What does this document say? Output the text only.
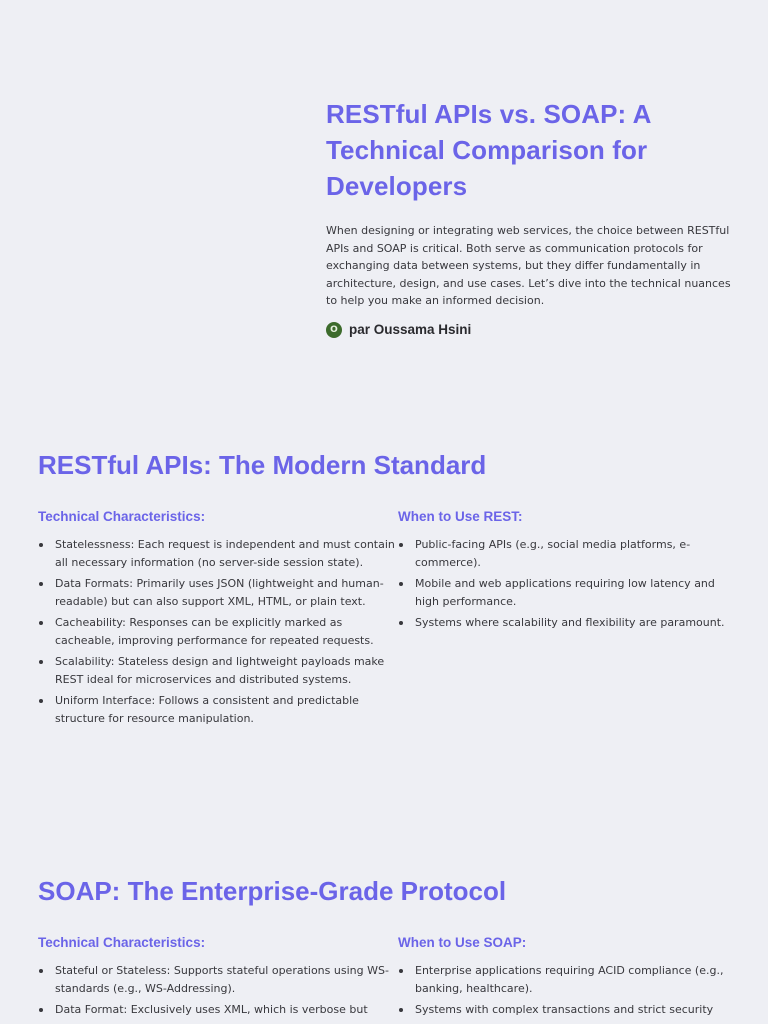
RESTful APIs vs. SOAP: A Technical Comparison for Developers

When designing or integrating web services, the choice between RESTful APIs and SOAP is critical. Both serve as communication protocols for exchanging data between systems, but they differ fundamentally in architecture, design, and use cases. Let’s dive into the technical nuances to help you make an informed decision.

O par Oussama Hsini
RESTful APIs: The Modern Standard
Technical Characteristics:
Statelessness: Each request is independent and must contain all necessary information (no server-side session state).
Data Formats: Primarily uses JSON (lightweight and human-readable) but can also support XML, HTML, or plain text.
Cacheability: Responses can be explicitly marked as cacheable, improving performance for repeated requests.
Scalability: Stateless design and lightweight payloads make REST ideal for microservices and distributed systems.
Uniform Interface: Follows a consistent and predictable structure for resource manipulation.
When to Use REST:
Public-facing APIs (e.g., social media platforms, e-commerce).
Mobile and web applications requiring low latency and high performance.
Systems where scalability and flexibility are paramount.
SOAP: The Enterprise-Grade Protocol
Technical Characteristics:
Stateful or Stateless: Supports stateful operations using WS- standards (e.g., WS-Addressing).
Data Format: Exclusively uses XML, which is verbose but
When to Use SOAP:
Enterprise applications requiring ACID compliance (e.g., banking, healthcare).
Systems with complex transactions and strict security
